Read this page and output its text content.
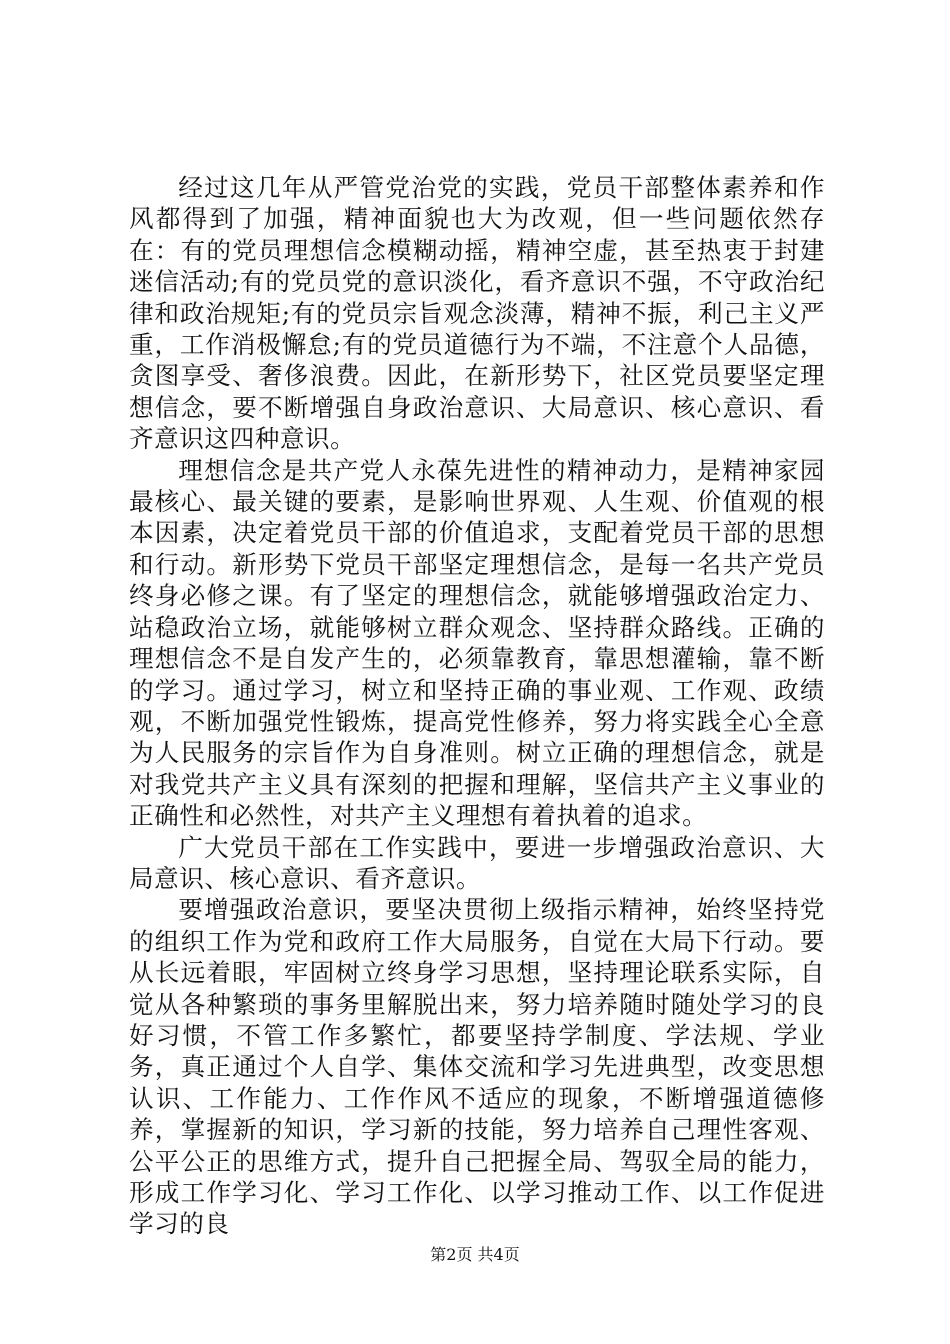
经过这几年从严管党治党的实践，党员干部整体素养和作风都得到了加强，精神面貌也大为改观，但一些问题依然存在：有的党员理想信念模糊动摇，精神空虚，甚至热衷于封建迷信活动;有的党员党的意识淡化，看齐意识不强，不守政治纪律和政治规矩;有的党员宗旨观念淡薄，精神不振，利己主义严重，工作消极懈怠;有的党员道德行为不端，不注意个人品德，贪图享受、奢侈浪费。因此，在新形势下，社区党员要坚定理想信念，要不断增强自身政治意识、大局意识、核心意识、看齐意识这四种意识。

理想信念是共产党人永葆先进性的精神动力，是精神家园最核心、最关键的要素，是影响世界观、人生观、价值观的根本因素，决定着党员干部的价值追求，支配着党员干部的思想和行动。新形势下党员干部坚定理想信念，是每一名共产党员终身必修之课。有了坚定的理想信念，就能够增强政治定力、站稳政治立场，就能够树立群众观念、坚持群众路线。正确的理想信念不是自发产生的，必须靠教育，靠思想灌输，靠不断的学习。通过学习，树立和坚持正确的事业观、工作观、政绩观，不断加强党性锻炼，提高党性修养，努力将实践全心全意为人民服务的宗旨作为自身准则。树立正确的理想信念，就是对我党共产主义具有深刻的把握和理解，坚信共产主义事业的正确性和必然性，对共产主义理想有着执着的追求。

广大党员干部在工作实践中，要进一步增强政治意识、大局意识、核心意识、看齐意识。

要增强政治意识，要坚决贯彻上级指示精神，始终坚持党的组织工作为党和政府工作大局服务，自觉在大局下行动。要从长远着眼，牢固树立终身学习思想，坚持理论联系实际，自觉从各种繁琐的事务里解脱出来，努力培养随时随处学习的良好习惯，不管工作多繁忙，都要坚持学制度、学法规、学业务，真正通过个人自学、集体交流和学习先进典型，改变思想认识、工作能力、工作作风不适应的现象，不断增强道德修养，掌握新的知识，学习新的技能，努力培养自己理性客观、公平公正的思维方式，提升自己把握全局、驾驭全局的能力，形成工作学习化、学习工作化、以学习推动工作、以工作促进学习的良

第2页 共4页
